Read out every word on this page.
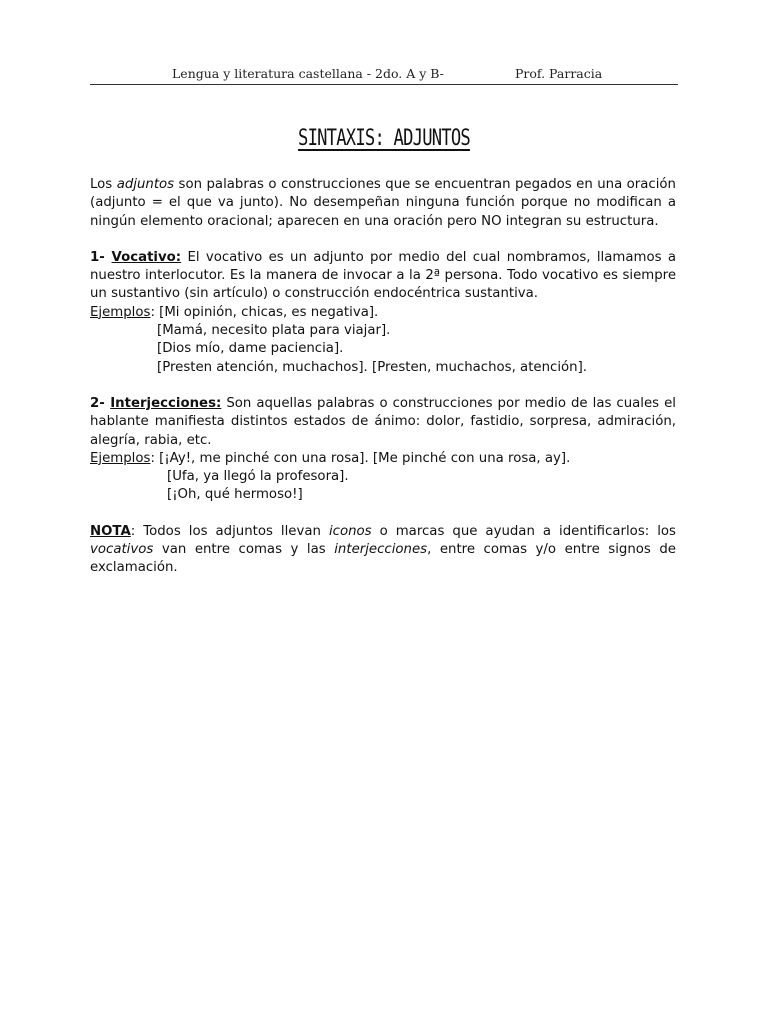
Lengua y literatura castellana - 2do. A y B-	Prof. Parracia
SINTAXIS: ADJUNTOS

Los adjuntos son palabras o construcciones que se encuentran pegados en una oración (adjunto = el que va junto). No desempeñan ninguna función porque no modifican a ningún elemento oracional; aparecen en una oración pero NO integran su estructura.

1- Vocativo: El vocativo es un adjunto por medio del cual nombramos, llamamos a nuestro interlocutor. Es la manera de invocar a la 2ª persona. Todo vocativo es siempre un sustantivo (sin artículo) o construcción endocéntrica sustantiva.

Ejemplos: [Mi opinión, chicas, es negativa].

[Mamá, necesito plata para viajar].

[Dios mío, dame paciencia].

[Presten atención, muchachos]. [Presten, muchachos, atención].

2- Interjecciones: Son aquellas palabras o construcciones por medio de las cuales el hablante manifiesta distintos estados de ánimo: dolor, fastidio, sorpresa, admiración, alegría, rabia, etc.

Ejemplos: [¡Ay!, me pinché con una rosa]. [Me pinché con una rosa, ay].

[Ufa, ya llegó la profesora].

[¡Oh, qué hermoso!]

NOTA: Todos los adjuntos llevan iconos o marcas que ayudan a identificarlos: los vocativos van entre comas y las interjecciones, entre comas y/o entre signos de exclamación.
